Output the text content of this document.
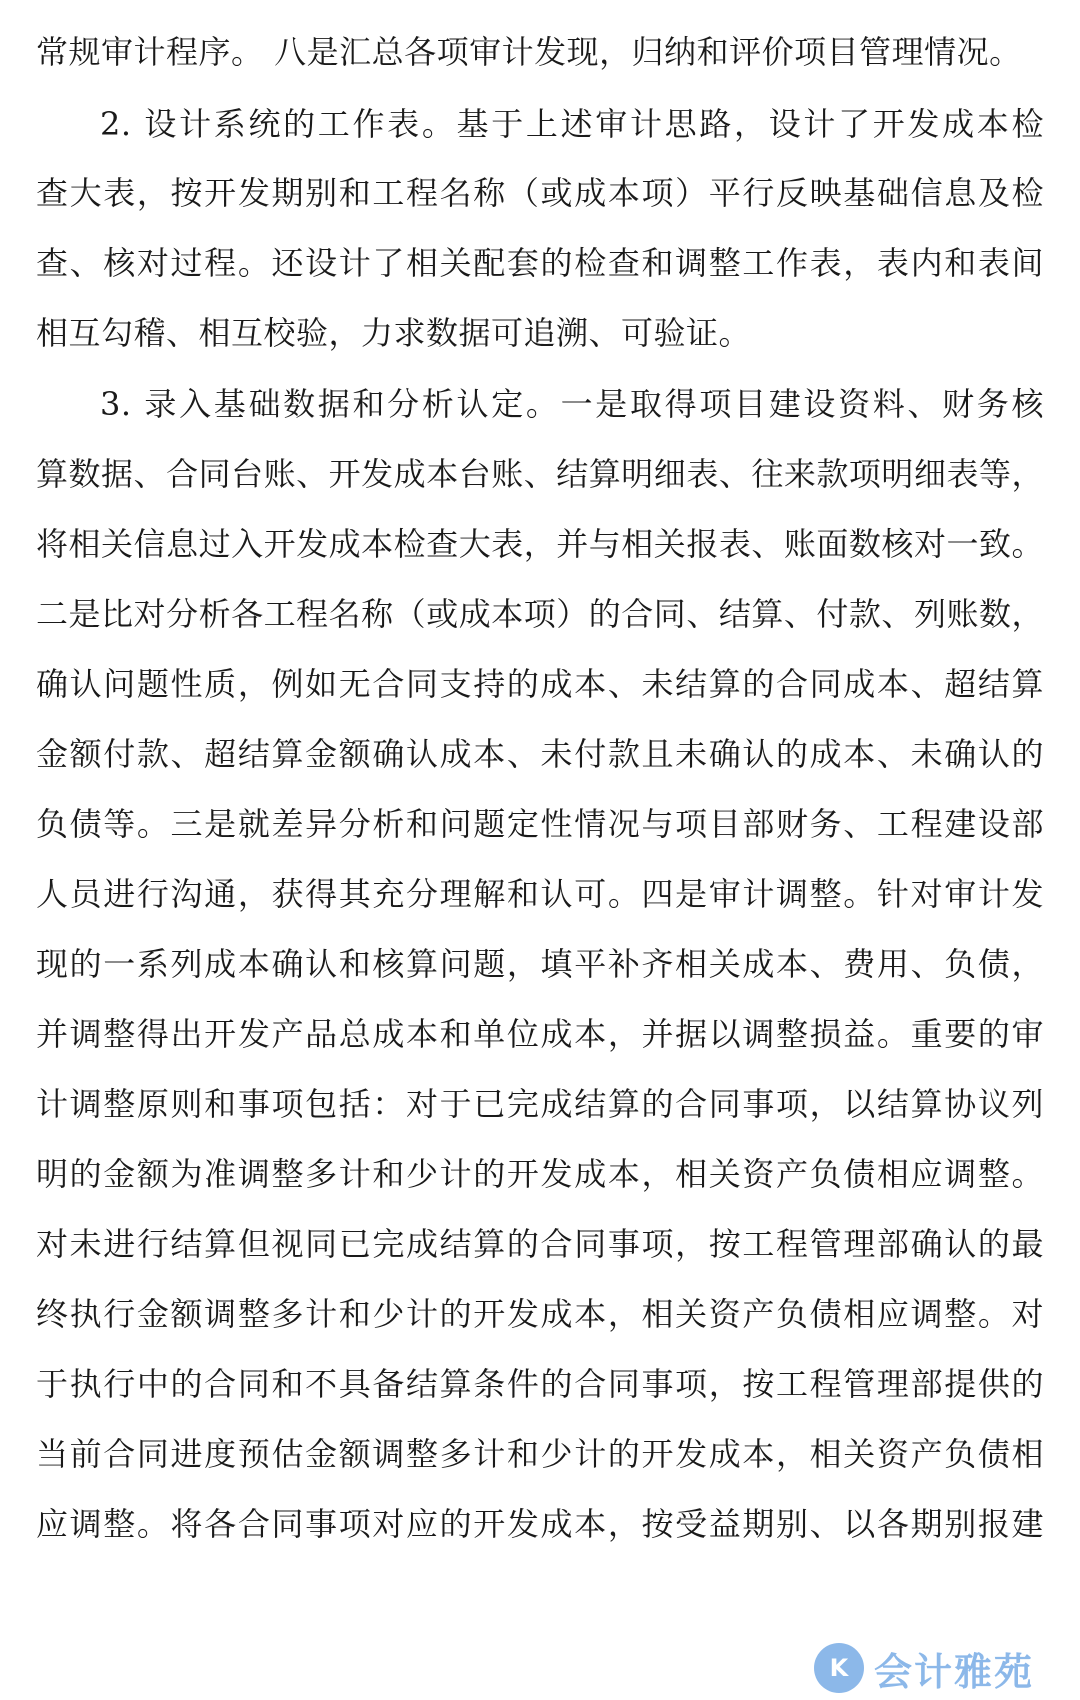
常规审计程序。 八是汇总各项审计发现，归纳和评价项目管理情况。
2. 设计系统的工作表。基于上述审计思路，设计了开发成本检
查大表，按开发期别和工程名称（或成本项）平行反映基础信息及检
查、核对过程。还设计了相关配套的检查和调整工作表，表内和表间
相互勾稽、相互校验，力求数据可追溯、可验证。
3. 录入基础数据和分析认定。一是取得项目建设资料、财务核
算数据、合同台账、开发成本台账、结算明细表、往来款项明细表等，
将相关信息过入开发成本检查大表，并与相关报表、账面数核对一致。
二是比对分析各工程名称（或成本项）的合同、结算、付款、列账数，
确认问题性质，例如无合同支持的成本、未结算的合同成本、超结算
金额付款、超结算金额确认成本、未付款且未确认的成本、未确认的
负债等。三是就差异分析和问题定性情况与项目部财务、工程建设部
人员进行沟通，获得其充分理解和认可。四是审计调整。针对审计发
现的一系列成本确认和核算问题，填平补齐相关成本、费用、负债，
并调整得出开发产品总成本和单位成本，并据以调整损益。重要的审
计调整原则和事项包括：对于已完成结算的合同事项，以结算协议列
明的金额为准调整多计和少计的开发成本，相关资产负债相应调整。
对未进行结算但视同已完成结算的合同事项，按工程管理部确认的最
终执行金额调整多计和少计的开发成本，相关资产负债相应调整。对
于执行中的合同和不具备结算条件的合同事项，按工程管理部提供的
当前合同进度预估金额调整多计和少计的开发成本，相关资产负债相
应调整。将各合同事项对应的开发成本，按受益期别、以各期别报建
K 会计雅苑
